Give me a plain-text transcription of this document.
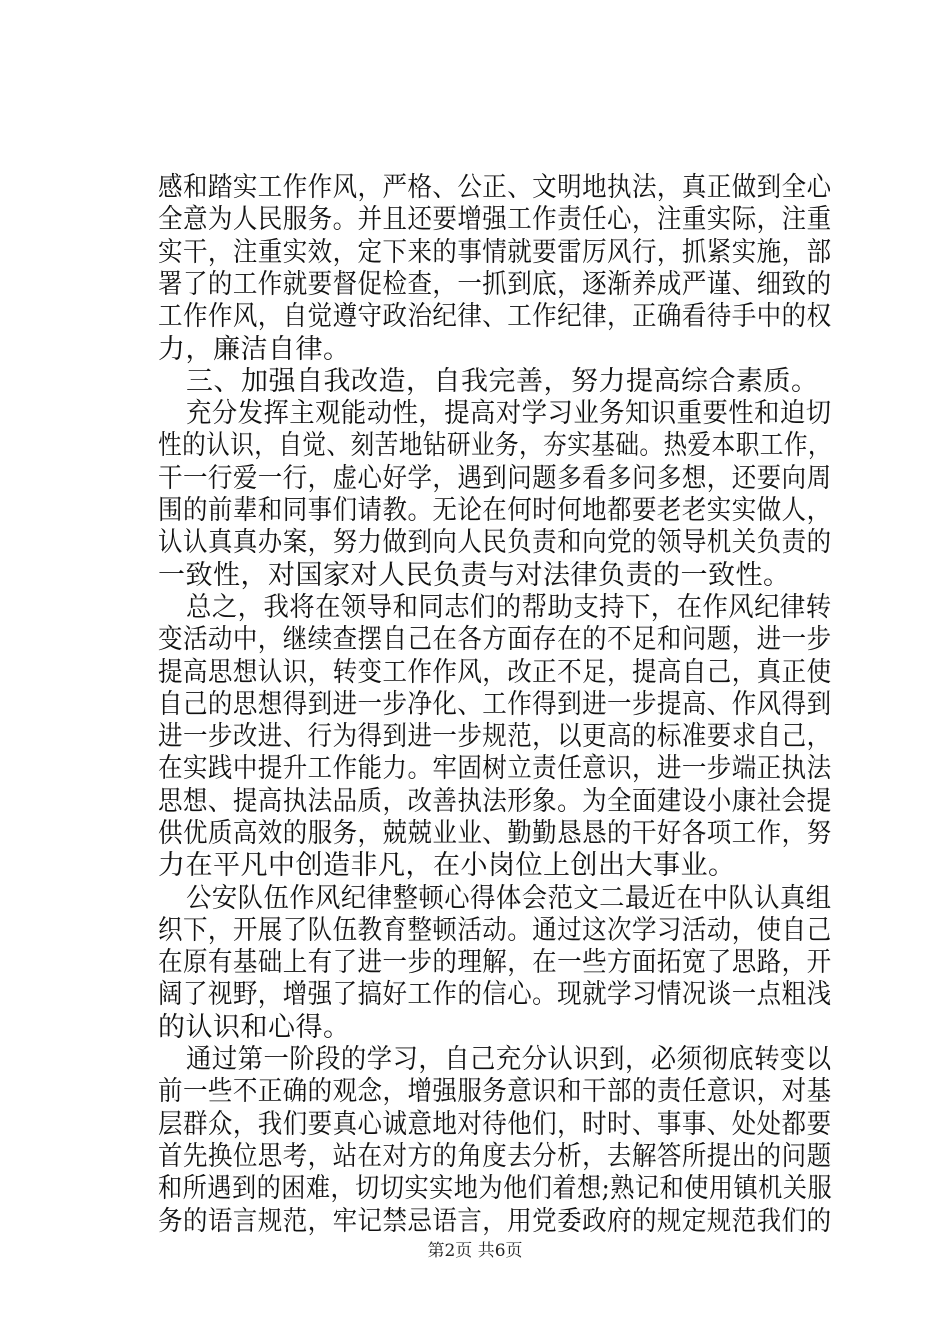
感和踏实工作作风，严格、公正、文明地执法，真正做到全心
全意为人民服务。并且还要增强工作责任心，注重实际，注重
实干，注重实效，定下来的事情就要雷厉风行，抓紧实施，部
署了的工作就要督促检查，一抓到底，逐渐养成严谨、细致的
工作作风，自觉遵守政治纪律、工作纪律，正确看待手中的权
力，廉洁自律。
三、加强自我改造，自我完善，努力提高综合素质。
充分发挥主观能动性，提高对学习业务知识重要性和迫切
性的认识，自觉、刻苦地钻研业务，夯实基础。热爱本职工作，
干一行爱一行，虚心好学，遇到问题多看多问多想，还要向周
围的前辈和同事们请教。无论在何时何地都要老老实实做人，
认认真真办案，努力做到向人民负责和向党的领导机关负责的
一致性，对国家对人民负责与对法律负责的一致性。
总之，我将在领导和同志们的帮助支持下，在作风纪律转
变活动中，继续查摆自己在各方面存在的不足和问题，进一步
提高思想认识，转变工作作风，改正不足，提高自己，真正使
自己的思想得到进一步净化、工作得到进一步提高、作风得到
进一步改进、行为得到进一步规范，以更高的标准要求自己，
在实践中提升工作能力。牢固树立责任意识，进一步端正执法
思想、提高执法品质，改善执法形象。为全面建设小康社会提
供优质高效的服务，兢兢业业、勤勤恳恳的干好各项工作，努
力在平凡中创造非凡，在小岗位上创出大事业。
公安队伍作风纪律整顿心得体会范文二最近在中队认真组
织下，开展了队伍教育整顿活动。通过这次学习活动，使自己
在原有基础上有了进一步的理解，在一些方面拓宽了思路，开
阔了视野，增强了搞好工作的信心。现就学习情况谈一点粗浅
的认识和心得。
通过第一阶段的学习，自己充分认识到，必须彻底转变以
前一些不正确的观念，增强服务意识和干部的责任意识，对基
层群众，我们要真心诚意地对待他们，时时、事事、处处都要
首先换位思考，站在对方的角度去分析，去解答所提出的问题
和所遇到的困难，切切实实地为他们着想;熟记和使用镇机关服
务的语言规范，牢记禁忌语言，用党委政府的规定规范我们的
第2页 共6页
